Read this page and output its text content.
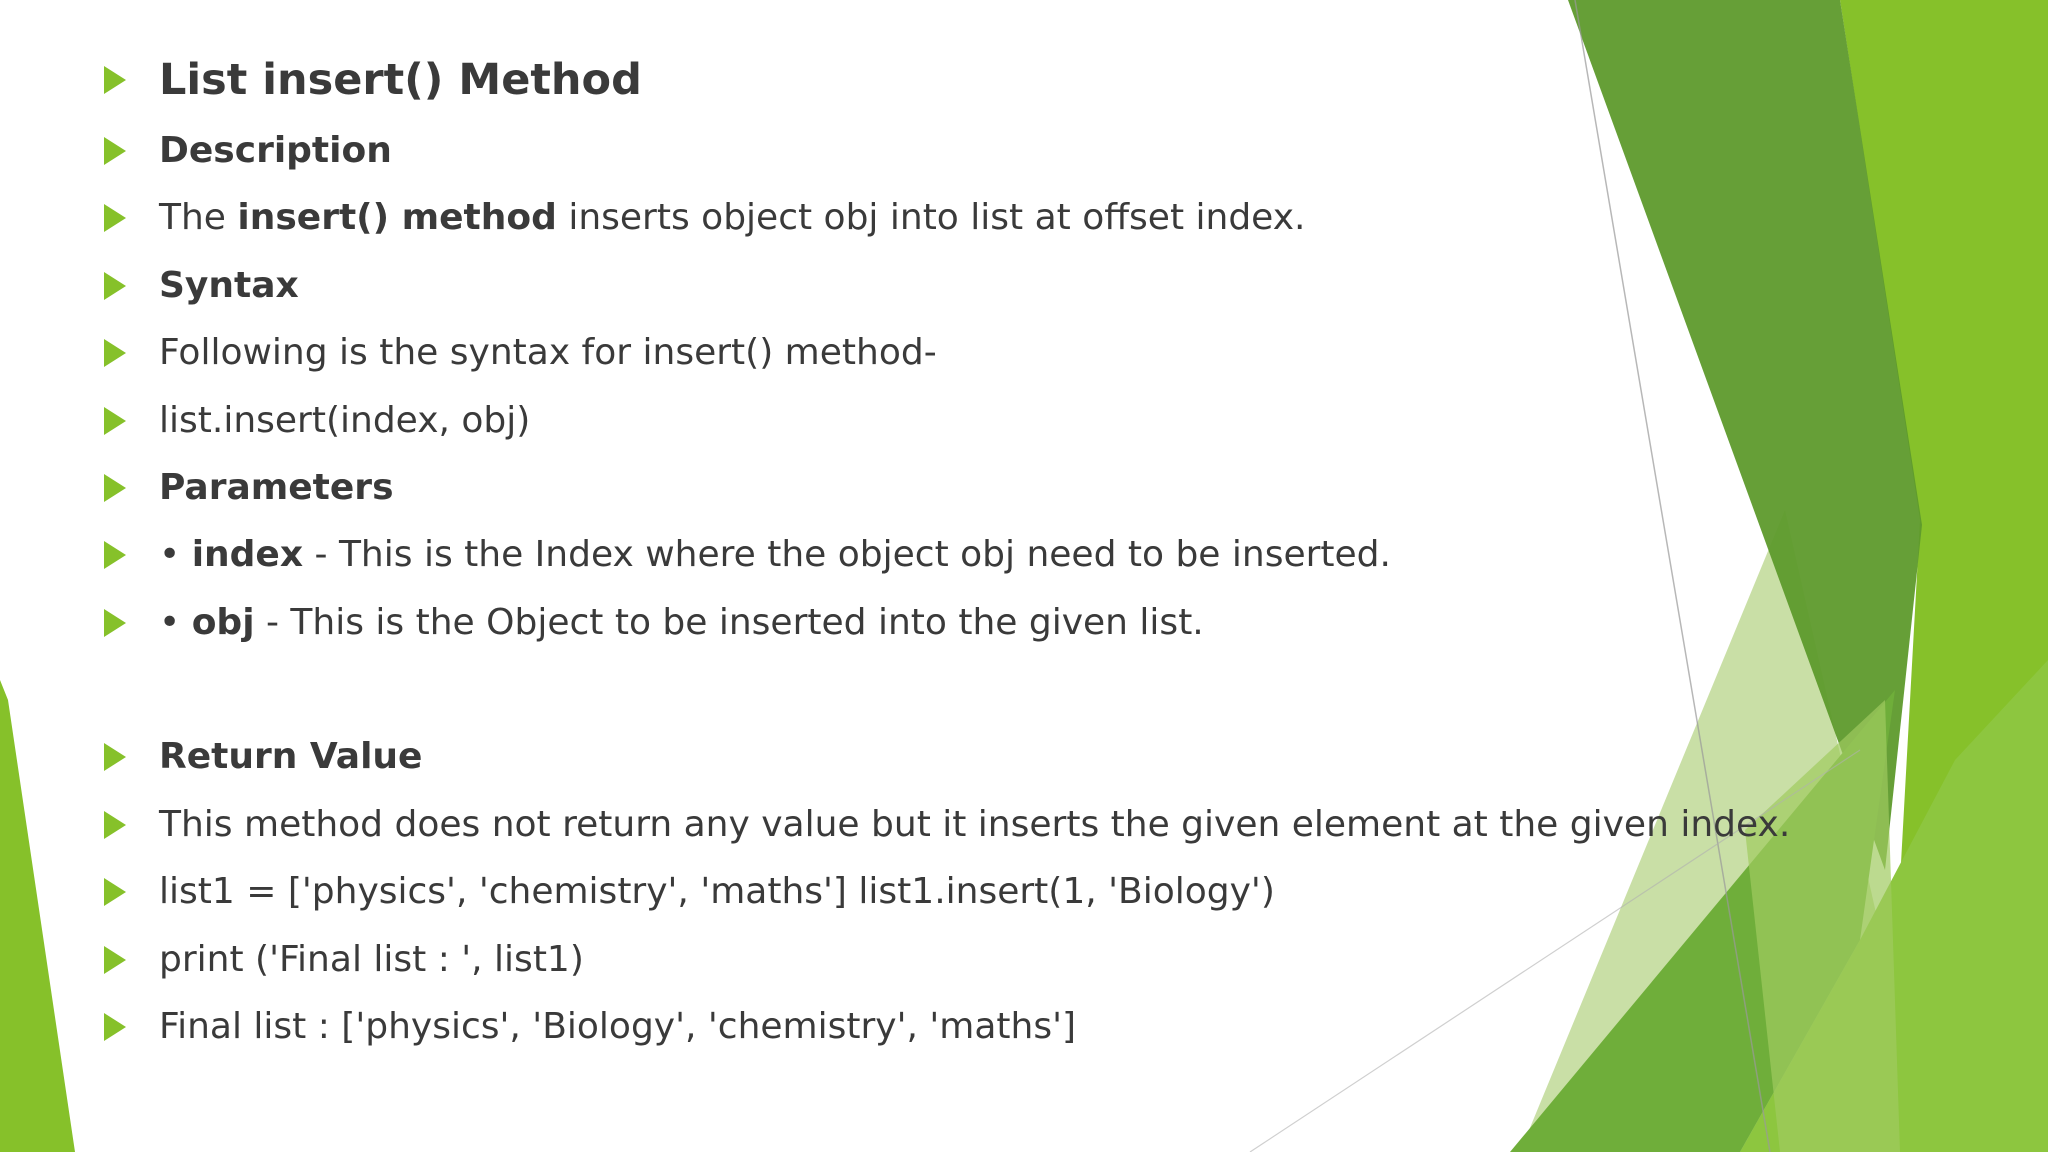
List insert() Method
Description
The insert() method inserts object obj into list at offset index.
Syntax
Following is the syntax for insert() method-
list.insert(index, obj)
Parameters
• index - This is the Index where the object obj need to be inserted.
• obj - This is the Object to be inserted into the given list.
Return Value
This method does not return any value but it inserts the given element at the given index.
list1 = ['physics', 'chemistry', 'maths'] list1.insert(1, 'Biology')
print ('Final list : ', list1)
Final list : ['physics', 'Biology', 'chemistry', 'maths']
